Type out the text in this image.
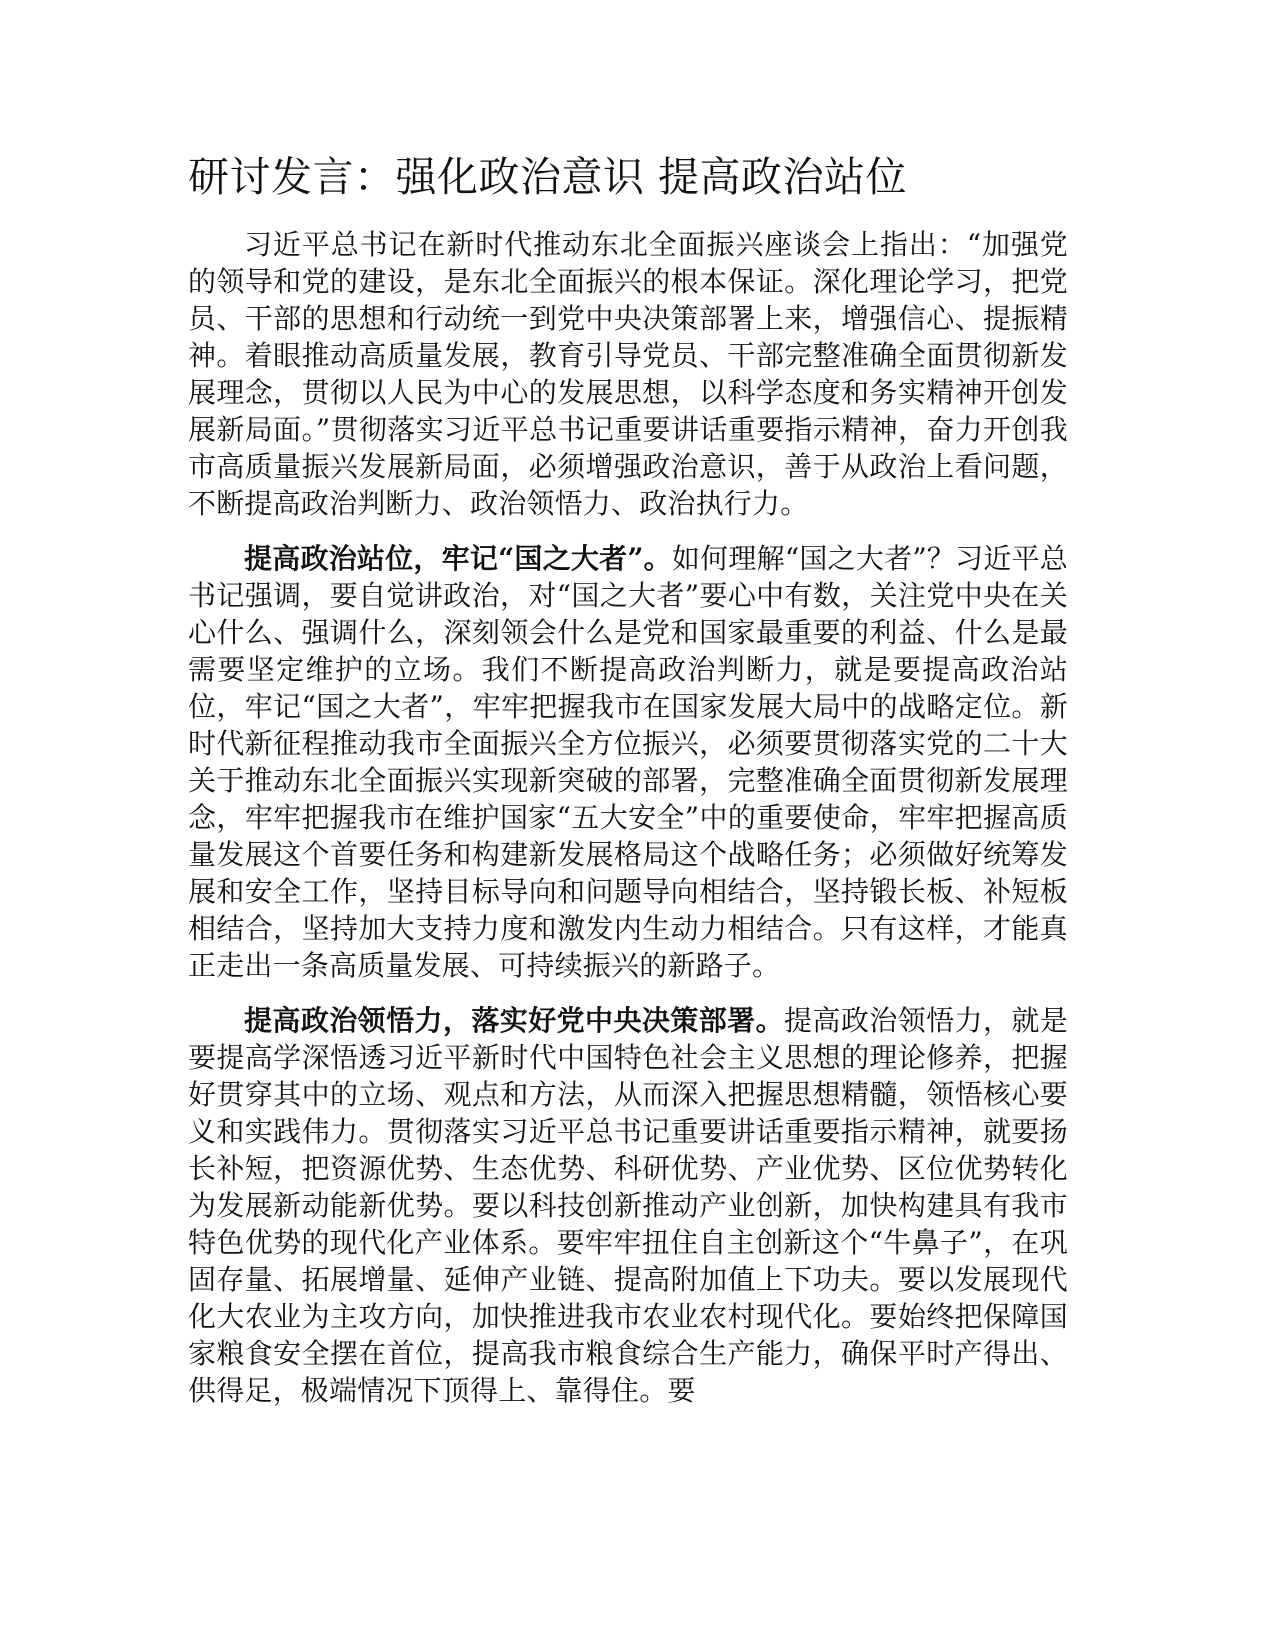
研讨发言：强化政治意识 提高政治站位

习近平总书记在新时代推动东北全面振兴座谈会上指出：“加强党的领导和党的建设，是东北全面振兴的根本保证。深化理论学习，把党员、干部的思想和行动统一到党中央决策部署上来，增强信心、提振精神。着眼推动高质量发展，教育引导党员、干部完整准确全面贯彻新发展理念，贯彻以人民为中心的发展思想，以科学态度和务实精神开创发展新局面。”贯彻落实习近平总书记重要讲话重要指示精神，奋力开创我市高质量振兴发展新局面，必须增强政治意识，善于从政治上看问题，不断提高政治判断力、政治领悟力、政治执行力。

提高政治站位，牢记“国之大者”。如何理解“国之大者”？习近平总书记强调，要自觉讲政治，对“国之大者”要心中有数，关注党中央在关心什么、强调什么，深刻领会什么是党和国家最重要的利益、什么是最需要坚定维护的立场。我们不断提高政治判断力，就是要提高政治站位，牢记“国之大者”，牢牢把握我市在国家发展大局中的战略定位。新时代新征程推动我市全面振兴全方位振兴，必须要贯彻落实党的二十大关于推动东北全面振兴实现新突破的部署，完整准确全面贯彻新发展理念，牢牢把握我市在维护国家“五大安全”中的重要使命，牢牢把握高质量发展这个首要任务和构建新发展格局这个战略任务；必须做好统筹发展和安全工作，坚持目标导向和问题导向相结合，坚持锻长板、补短板相结合，坚持加大支持力度和激发内生动力相结合。只有这样，才能真正走出一条高质量发展、可持续振兴的新路子。

提高政治领悟力，落实好党中央决策部署。提高政治领悟力，就是要提高学深悟透习近平新时代中国特色社会主义思想的理论修养，把握好贯穿其中的立场、观点和方法，从而深入把握思想精髓，领悟核心要义和实践伟力。贯彻落实习近平总书记重要讲话重要指示精神，就要扬长补短，把资源优势、生态优势、科研优势、产业优势、区位优势转化为发展新动能新优势。要以科技创新推动产业创新，加快构建具有我市特色优势的现代化产业体系。要牢牢扭住自主创新这个“牛鼻子”，在巩固存量、拓展增量、延伸产业链、提高附加值上下功夫。要以发展现代化大农业为主攻方向，加快推进我市农业农村现代化。要始终把保障国家粮食安全摆在首位，提高我市粮食综合生产能力，确保平时产得出、供得足，极端情况下顶得上、靠得住。要
